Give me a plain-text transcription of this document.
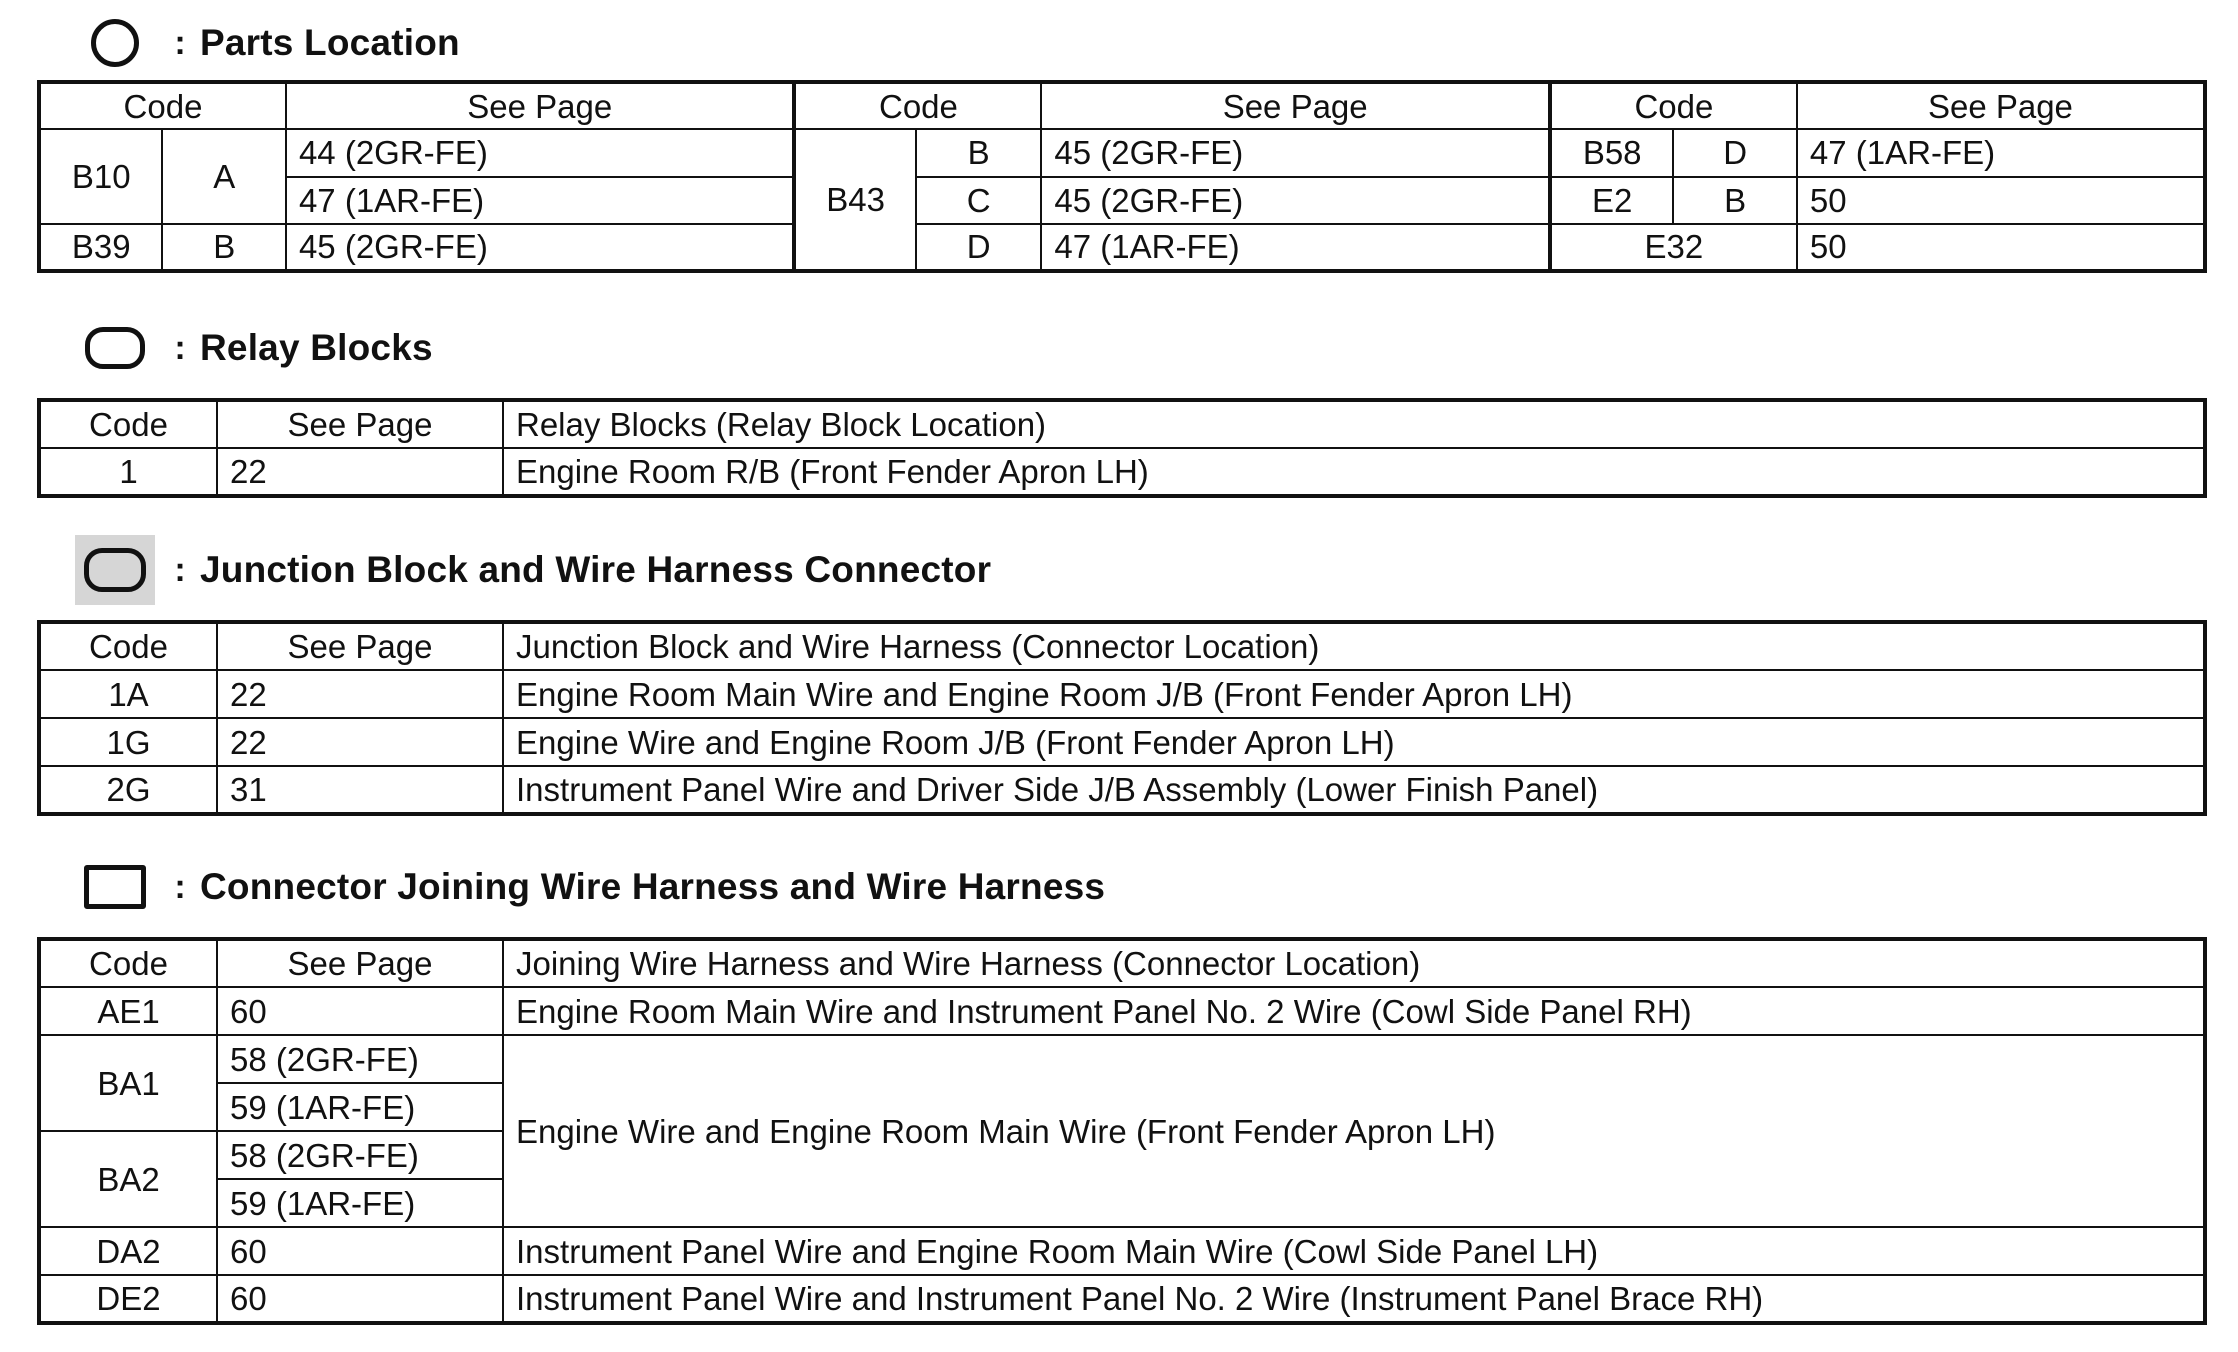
: Parts Location
Code		See Page	Code		See Page	Code		See Page
B10	A	44 (2GR-FE)	B43	B	45 (2GR-FE)	B58	D	47 (1AR-FE)
		47 (1AR-FE)		C	45 (2GR-FE)	E2	B	50
B39	B	45 (2GR-FE)		D	47 (1AR-FE)	E32		50
: Relay Blocks
Code	See Page	Relay Blocks (Relay Block Location)
1	22	Engine Room R/B (Front Fender Apron LH)
: Junction Block and Wire Harness Connector
Code	See Page	Junction Block and Wire Harness (Connector Location)
1A	22	Engine Room Main Wire and Engine Room J/B (Front Fender Apron LH)
1G	22	Engine Wire and Engine Room J/B (Front Fender Apron LH)
2G	31	Instrument Panel Wire and Driver Side J/B Assembly (Lower Finish Panel)
: Connector Joining Wire Harness and Wire Harness
Code	See Page	Joining Wire Harness and Wire Harness (Connector Location)
AE1	60	Engine Room Main Wire and Instrument Panel No. 2 Wire (Cowl Side Panel RH)
BA1	58 (2GR-FE)	Engine Wire and Engine Room Main Wire (Front Fender Apron LH)
	59 (1AR-FE)	
BA2	58 (2GR-FE)	
	59 (1AR-FE)	
DA2	60	Instrument Panel Wire and Engine Room Main Wire (Cowl Side Panel LH)
DE2	60	Instrument Panel Wire and Instrument Panel No. 2 Wire (Instrument Panel Brace RH)
